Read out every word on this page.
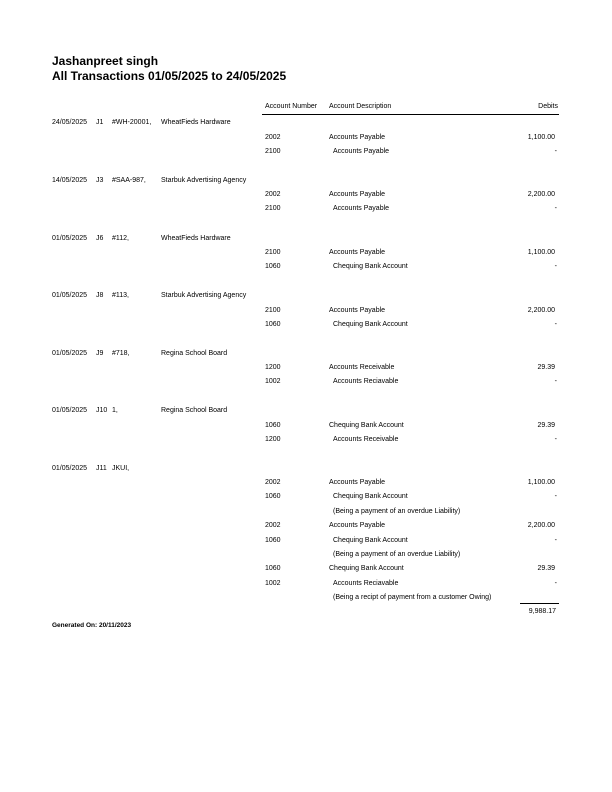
Jashanpreet singh
All Transactions 01/05/2025 to 24/05/2025
Account Number Account Description	Debits
24/05/2025 J1 #WH-20001, WheatFieds Hardware
2002	Accounts Payable	1,100.00
2100	Accounts Payable	-
14/05/2025 J3 #SAA-987, Starbuk Advertising Agency
2002	Accounts Payable	2,200.00
2100	Accounts Payable	-
01/05/2025 J6 #112,	WheatFieds Hardware
2100	Accounts Payable	1,100.00
1060	Chequing Bank Account	-
01/05/2025 J8 #113,	Starbuk Advertising Agency
2100	Accounts Payable	2,200.00
1060	Chequing Bank Account	-
01/05/2025 J9 #718,	Regina School Board
1200	Accounts Receivable	29.39
1002	Accounts Reciavable	-
01/05/2025 J10 1,	Regina School Board
1060	Chequing Bank Account	29.39
1200	Accounts Receivable	-
01/05/2025 J11 JKUI,
2002	Accounts Payable	1,100.00
1060	Chequing Bank Account	-
(Being a payment of an overdue Liability)
2002	Accounts Payable	2,200.00
1060	Chequing Bank Account	-
(Being a payment of an overdue Liability)
1060	Chequing Bank Account	29.39
1002	Accounts Reciavable	-
(Being a recipt of payment from a customer Owing)
9,988.17
Generated On: 20/11/2023
